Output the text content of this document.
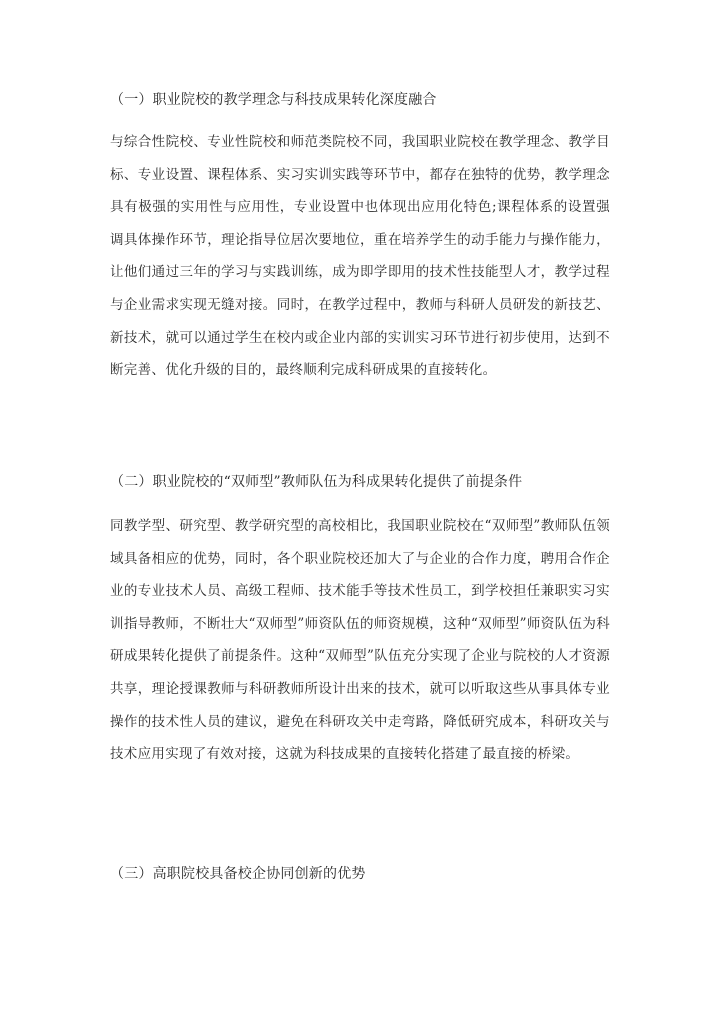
（一）职业院校的教学理念与科技成果转化深度融合
与综合性院校、专业性院校和师范类院校不同，我国职业院校在教学理念、教学目标、专业设置、课程体系、实习实训实践等环节中，都存在独特的优势，教学理念具有极强的实用性与应用性，专业设置中也体现出应用化特色;课程体系的设置强调具体操作环节，理论指导位居次要地位，重在培养学生的动手能力与操作能力，让他们通过三年的学习与实践训练，成为即学即用的技术性技能型人才，教学过程与企业需求实现无缝对接。同时，在教学过程中，教师与科研人员研发的新技艺、新技术，就可以通过学生在校内或企业内部的实训实习环节进行初步使用，达到不断完善、优化升级的目的，最终顺利完成科研成果的直接转化。
（二）职业院校的“双师型”教师队伍为科成果转化提供了前提条件
同教学型、研究型、教学研究型的高校相比，我国职业院校在“双师型”教师队伍领域具备相应的优势，同时，各个职业院校还加大了与企业的合作力度，聘用合作企业的专业技术人员、高级工程师、技术能手等技术性员工，到学校担任兼职实习实训指导教师，不断壮大“双师型”师资队伍的师资规模，这种“双师型”师资队伍为科研成果转化提供了前提条件。这种“双师型”队伍充分实现了企业与院校的人才资源共享，理论授课教师与科研教师所设计出来的技术，就可以听取这些从事具体专业操作的技术性人员的建议，避免在科研攻关中走弯路，降低研究成本，科研攻关与技术应用实现了有效对接，这就为科技成果的直接转化搭建了最直接的桥梁。
（三）高职院校具备校企协同创新的优势
